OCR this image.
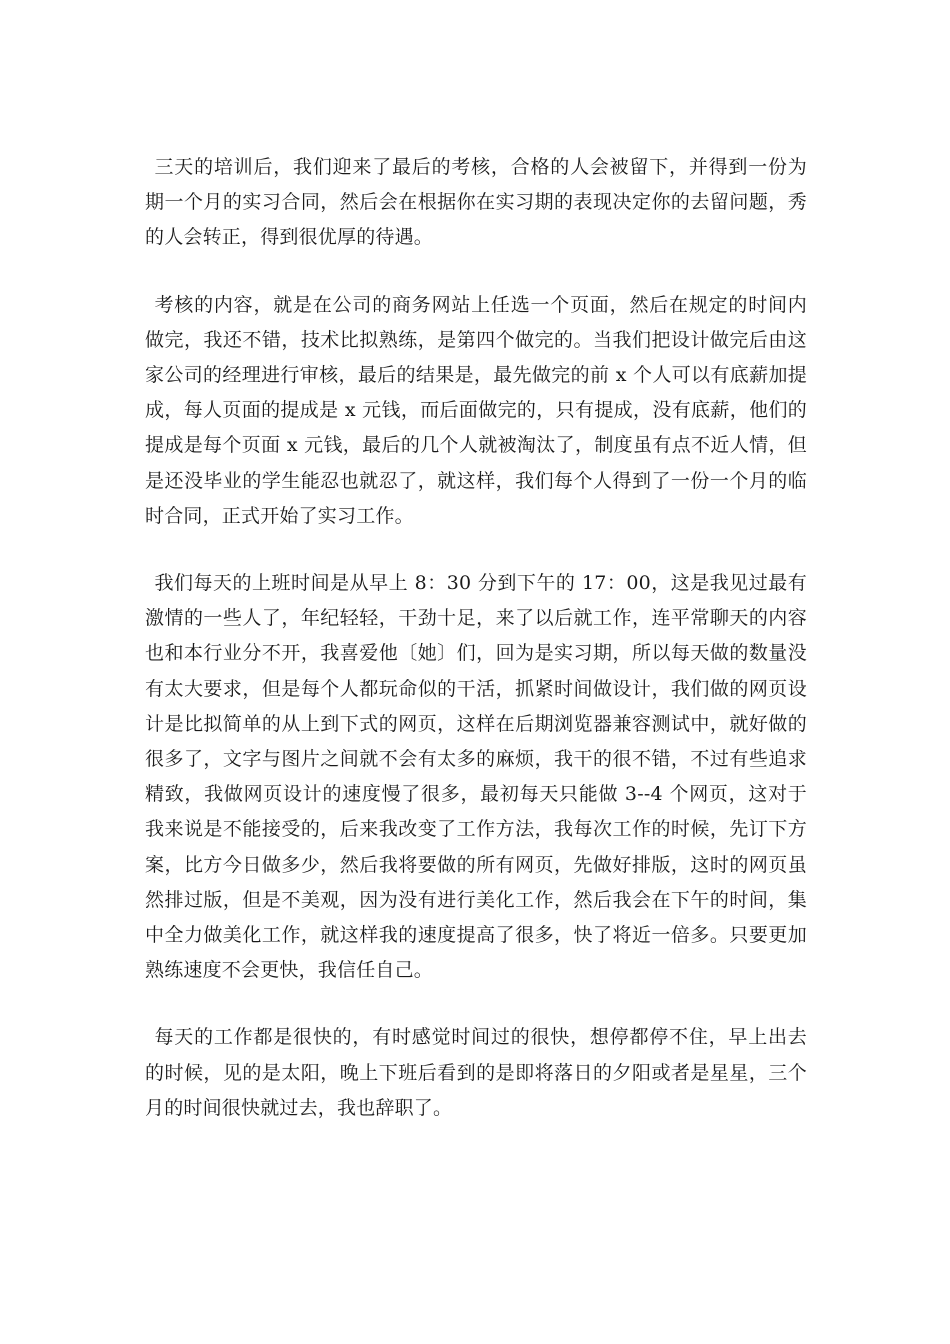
三天的培训后，我们迎来了最后的考核，合格的人会被留下，并得到一份为期一个月的实习合同，然后会在根据你在实习期的表现决定你的去留问题，秀的人会转正，得到很优厚的待遇。

考核的内容，就是在公司的商务网站上任选一个页面，然后在规定的时间内做完，我还不错，技术比拟熟练，是第四个做完的。当我们把设计做完后由这家公司的经理进行审核，最后的结果是，最先做完的前 x 个人可以有底薪加提成，每人页面的提成是 x 元钱，而后面做完的，只有提成，没有底薪，他们的提成是每个页面 x 元钱，最后的几个人就被淘汰了，制度虽有点不近人情，但是还没毕业的学生能忍也就忍了，就这样，我们每个人得到了一份一个月的临时合同，正式开始了实习工作。

我们每天的上班时间是从早上 8：30 分到下午的 17：00，这是我见过最有激情的一些人了，年纪轻轻，干劲十足，来了以后就工作，连平常聊天的内容也和本行业分不开，我喜爱他〔她〕们，回为是实习期，所以每天做的数量没有太大要求，但是每个人都玩命似的干活，抓紧时间做设计，我们做的网页设计是比拟简单的从上到下式的网页，这样在后期浏览器兼容测试中，就好做的很多了，文字与图片之间就不会有太多的麻烦，我干的很不错，不过有些追求精致，我做网页设计的速度慢了很多，最初每天只能做 3--4 个网页，这对于我来说是不能接受的，后来我改变了工作方法，我每次工作的时候，先订下方案，比方今日做多少，然后我将要做的所有网页，先做好排版，这时的网页虽然排过版，但是不美观，因为没有进行美化工作，然后我会在下午的时间，集中全力做美化工作，就这样我的速度提高了很多，快了将近一倍多。只要更加熟练速度不会更快，我信任自己。

每天的工作都是很快的，有时感觉时间过的很快，想停都停不住，早上出去的时候，见的是太阳，晚上下班后看到的是即将落日的夕阳或者是星星，三个月的时间很快就过去，我也辞职了。
